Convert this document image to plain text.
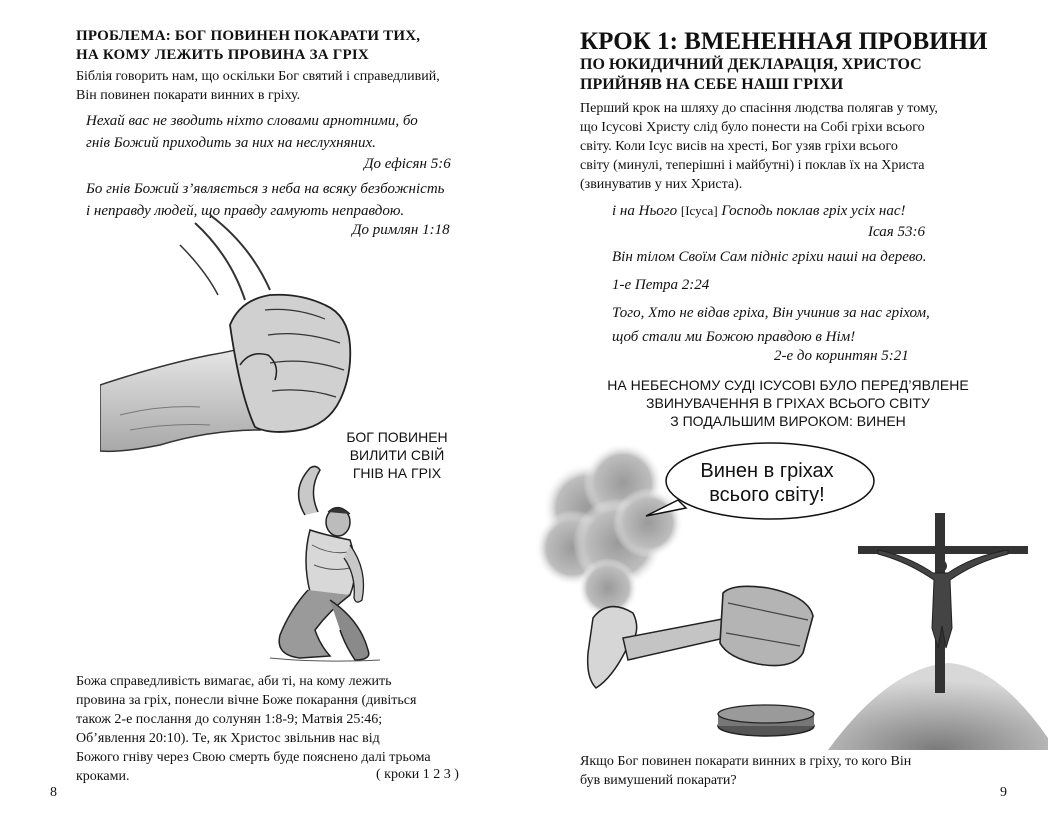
ПРОБЛЕМА: БОГ ПОВИНЕН ПОКАРАТИ ТИХ,
НА КОМУ ЛЕЖИТЬ ПРОВИНА ЗА ГРІХ
Біблія говорить нам, що оскільки Бог святий і справедливий,
Він повинен покарати винних в гріху.
Нехай вас не зводить ніхто словами арнотними, бо
гнів Божий приходить за них на неслухняних.
До ефісян 5:6
Бо гнів Божий з’являється з неба на всяку безбожність
і неправду людей, що правду гамують неправдою.
До римлян 1:18
БОГ ПОВИНЕН
ВИЛИТИ СВІЙ
ГНІВ НА ГРІХ
Божа справедливість вимагає, аби ті, на кому лежить
провина за гріх, понесли вічне Боже покарання (дивіться
також 2-е послання до солунян 1:8-9; Матвія 25:46;
Об’явлення 20:10). Те, як Христос звільнив нас від
Божого гніву через Свою смерть буде пояснено далі трьома
кроками.	( кроки 1 2 3 )
8
КРОК 1: ВМЕНЕННАЯ ПРОВИНИ
ПО ЮКИДИЧНИЙ ДЕКЛАРАЦІЯ, ХРИСТОС
ПРИЙНЯВ НА СЕБЕ НАШІ ГРІХИ
Перший крок на шляху до спасіння людства полягав у тому,
що Ісусові Христу слід було понести на Собі гріхи всього
світу. Коли Ісус висів на хресті, Бог узяв гріхи всього
світу (минулі, теперішні і майбутні) і поклав їх на Христа
(звинуватив у них Христа).
і на Нього [Ісуса] Господь поклав гріх усіх нас!
Ісая 53:6
Він тілом Своїм Сам підніс гріхи наші на дерево.
1-е Петра 2:24
Того, Хто не відав гріха, Він учинив за нас гріхом,
щоб стали ми Божою правдою в Нім!
2-е до коринтян 5:21
НА НЕБЕСНОМУ СУДІ ІСУСОВІ БУЛО ПЕРЕД’ЯВЛЕНЕ
ЗВИНУВАЧЕННЯ В ГРІХАХ ВСЬОГО СВІТУ
З ПОДАЛЬШИМ ВИРОКОМ: ВИНЕН
Винен в гріхах
всього світу!
Якщо Бог повинен покарати винних в гріху, то кого Він
був вимушений покарати?
9
